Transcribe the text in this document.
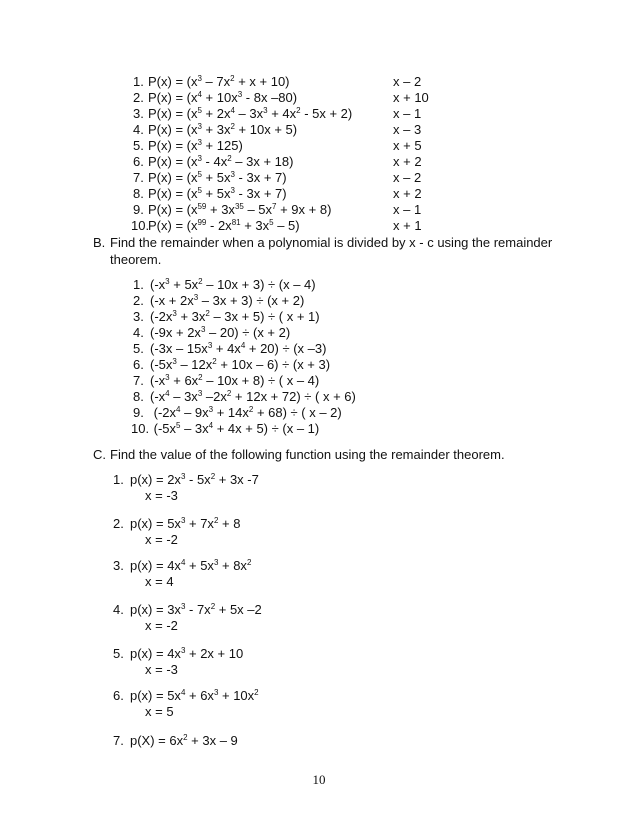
1. $P(x) = (x^3 - 7x^2 + x + 10)$	x – 2
2. $P(x) = (x^4 + 10x^3 - 8x$ –80)	x + 10
3. $P(x) = (x^5 + 2x^4 - 3x^3 + 4x^2 - 5x + 2)$	x – 1
4. $P(x) = (x^3 + 3x^2 + 10x + 5)$	x – 3
5. $P(x) = (x^3 + 125)$	x + 5
6. $P(x) = (x^3 - 4x^2 - 3x + 18)$	x + 2
7. $P(x) = (x^5 + 5x^3 - 3x + 7)$	x – 2
8. $P(x) = (x^5 + 5x^3 - 3x + 7)$	x + 2
9. $P(x) = (x^{59} + 3x^{35} - 5x^7 + 9x + 8)$	x – 1
$10.P(x) = (x^{99} - 2x^{81} + 3x^5 - 5)$	x + 1
B. Find the remainder when a polynomial is divided by x - c using the remainder
theorem.
1. $(-x^3 + 5x^2 - 10x + 3) \div (x - 4)$
2. $(-x + 2x^3 - 3x + 3) \div (x + 2)$
3. $(-2x^3 + 3x^2 - 3x + 5)$ ÷ ( x + 1)
4. $(-9x + 2x^3 - 20) \div (x + 2)$
5. $(-3x - 15x^3 + 4x^4 + 20) \div (x$ –3)
6. $(-5x^3 - 12x^2 + 10x - 6) \div (x + 3)$
7. $(-x^3 + 6x^2 - 10x + 8)$ ÷ ( x – 4)
8. ($-x^4 - 3x^3$ $-2x^2 + 12x + 72$) ÷ ( x + 6)
9. $(-2x^4 - 9x^3 + 14x^2 + 68)$ ÷ ( x – 2)
10. $(-5x^5 - 3x^4 + 4x + 5) \div (x - 1)$
C. Find the value of the following function using the remainder theorem.
1. $p(x) = 2x^3 - 5x^2 + 3x$ -7
x = -3
2. $p(x) = 5x^3 + 7x^2 + 8$
x = -2
3. $p(x) = 4x^4 + 5x^3 + 8x^2$
x = 4
4. $p(x) = 3x^3 - 7x^2 + 5x$ –2
x = -2
5. $p(x) = 4x^3 + 2x + 10$
x = -3
6. $p(x) = 5x^4 + 6x^3 + 10x^2$
x = 5
7. $p(X) = 6x^2 + 3x - 9$
10
